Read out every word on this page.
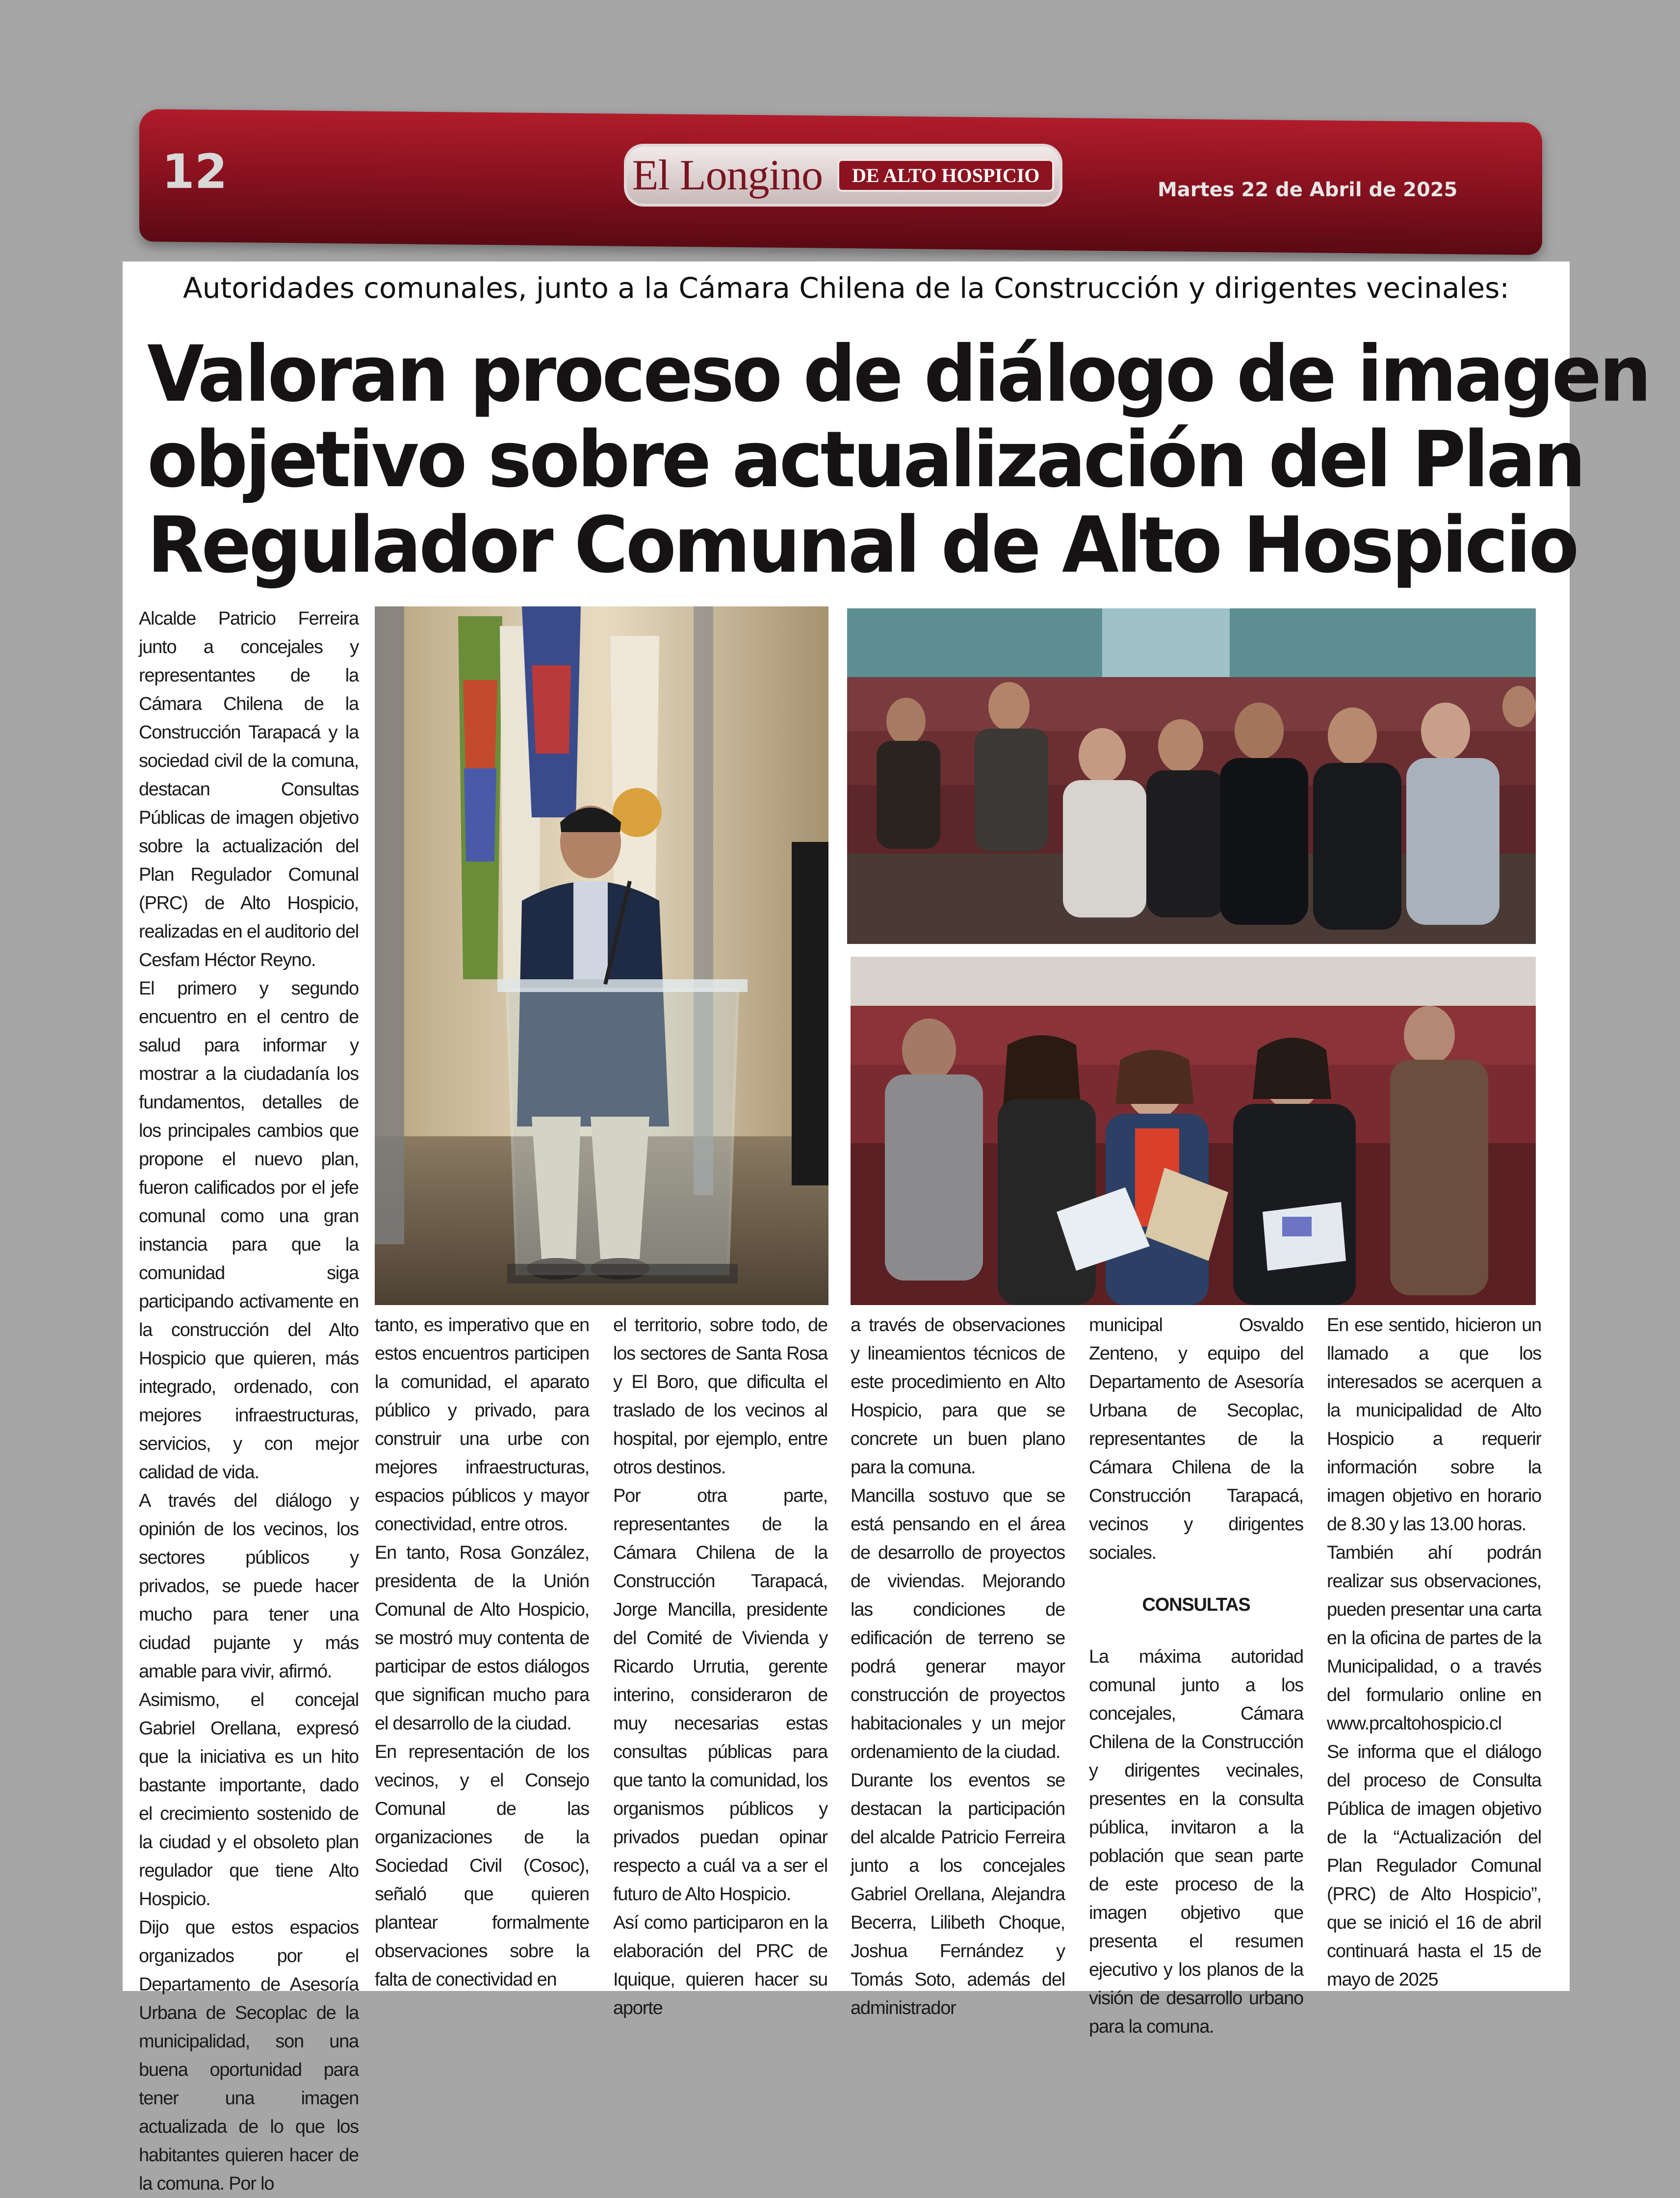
12	El Longino	DE ALTO HOSPICIO
Martes 22 de Abril de 2025
Autoridades comunales, junto a la Cámara Chilena de la Construcción y dirigentes vecinales:
Valoran proceso de diálogo de imagen
objetivo sobre actualización del Plan
Regulador Comunal de Alto Hospicio

Alcalde Patricio Ferreira junto a concejales y representantes de la Cámara Chilena de la Construcción Tarapacá y la sociedad civil de la comuna, destacan Consultas Públicas de imagen objetivo sobre la actualización del Plan Regulador Comunal (PRC) de Alto Hospicio, realizadas en el auditorio del Cesfam Héctor Reyno.

El primero y segundo encuentro en el centro de salud para informar y mostrar a la ciudadanía los fundamentos, detalles de los principales cambios que propone el nuevo plan, fueron calificados por el jefe comunal como una gran instancia para que la comunidad siga participando activamente en la construcción del Alto Hospicio que quieren, más integrado, ordenado, con mejores infraestructuras, servicios, y con mejor calidad de vida.

A través del diálogo y opinión de los vecinos, los sectores públicos y privados, se puede hacer mucho para tener una ciudad pujante y más amable para vivir, afirmó.

Asimismo, el concejal Gabriel Orellana, expresó que la iniciativa es un hito bastante importante, dado el crecimiento sostenido de la ciudad y el obsoleto plan regulador que tiene Alto Hospicio.

Dijo que estos espacios organizados por el Departamento de Asesoría Urbana de Secoplac de la municipalidad, son una buena oportunidad para tener una imagen actualizada de lo que los habitantes quieren hacer de la comuna. Por lo

tanto, es imperativo que en estos encuentros participen la comunidad, el aparato público y privado, para construir una urbe con mejores infraestructuras, espacios públicos y mayor conectividad, entre otros.

En tanto, Rosa González, presidenta de la Unión Comunal de Alto Hospicio, se mostró muy contenta de participar de estos diálogos que significan mucho para el desarrollo de la ciudad.

En representación de los vecinos, y el Consejo Comunal de las organizaciones de la Sociedad Civil (Cosoc), señaló que quieren plantear formalmente observaciones sobre la falta de conectividad en

el territorio, sobre todo, de los sectores de Santa Rosa y El Boro, que dificulta el traslado de los vecinos al hospital, por ejemplo, entre otros destinos.

Por otra parte, representantes de la Cámara Chilena de la Construcción Tarapacá, Jorge Mancilla, presidente del Comité de Vivienda y Ricardo Urrutia, gerente interino, consideraron de muy necesarias estas consultas públicas para que tanto la comunidad, los organismos públicos y privados puedan opinar respecto a cuál va a ser el futuro de Alto Hospicio.

Así como participaron en la elaboración del PRC de Iquique, quieren hacer su aporte

a través de observaciones y lineamientos técnicos de este procedimiento en Alto Hospicio, para que se concrete un buen plano para la comuna.

Mancilla sostuvo que se está pensando en el área de desarrollo de proyectos de viviendas. Mejorando las condiciones de edificación de terreno se podrá generar mayor construcción de proyectos habitacionales y un mejor ordenamiento de la ciudad.

Durante los eventos se destacan la participación del alcalde Patricio Ferreira junto a los concejales Gabriel Orellana, Alejandra Becerra, Lilibeth Choque, Joshua Fernández y Tomás Soto, además del administrador

municipal Osvaldo Zenteno, y equipo del Departamento de Asesoría Urbana de Secoplac, representantes de la Cámara Chilena de la Construcción Tarapacá, vecinos y dirigentes sociales.

CONSULTAS

La máxima autoridad comunal junto a los concejales, Cámara Chilena de la Construcción y dirigentes vecinales, presentes en la consulta pública, invitaron a la población que sean parte de este proceso de la imagen objetivo que presenta el resumen ejecutivo y los planos de la visión de desarrollo urbano para la comuna.

En ese sentido, hicieron un llamado a que los interesados se acerquen a la municipalidad de Alto Hospicio a requerir información sobre la imagen objetivo en horario de 8.30 y las 13.00 horas.

También ahí podrán realizar sus observaciones, pueden presentar una carta en la oficina de partes de la Municipalidad, o a través del formulario online en www.prcaltohospicio.cl

Se informa que el diálogo del proceso de Consulta Pública de imagen objetivo de la “Actualización del Plan Regulador Comunal (PRC) de Alto Hospicio”, que se inició el 16 de abril continuará hasta el 15 de mayo de 2025
